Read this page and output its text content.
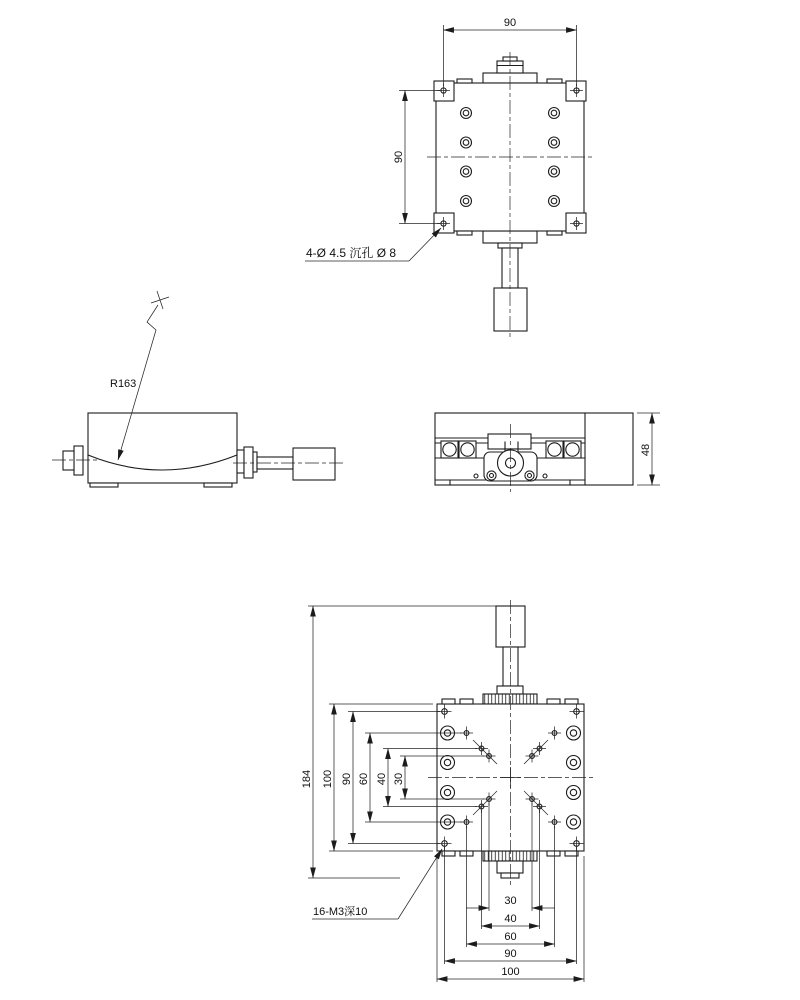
90
90
4-Ø 4.5 沉孔 Ø 8
R163
48
184 100 90 60 40 30
30
40
60
90
100
16-M3深10
